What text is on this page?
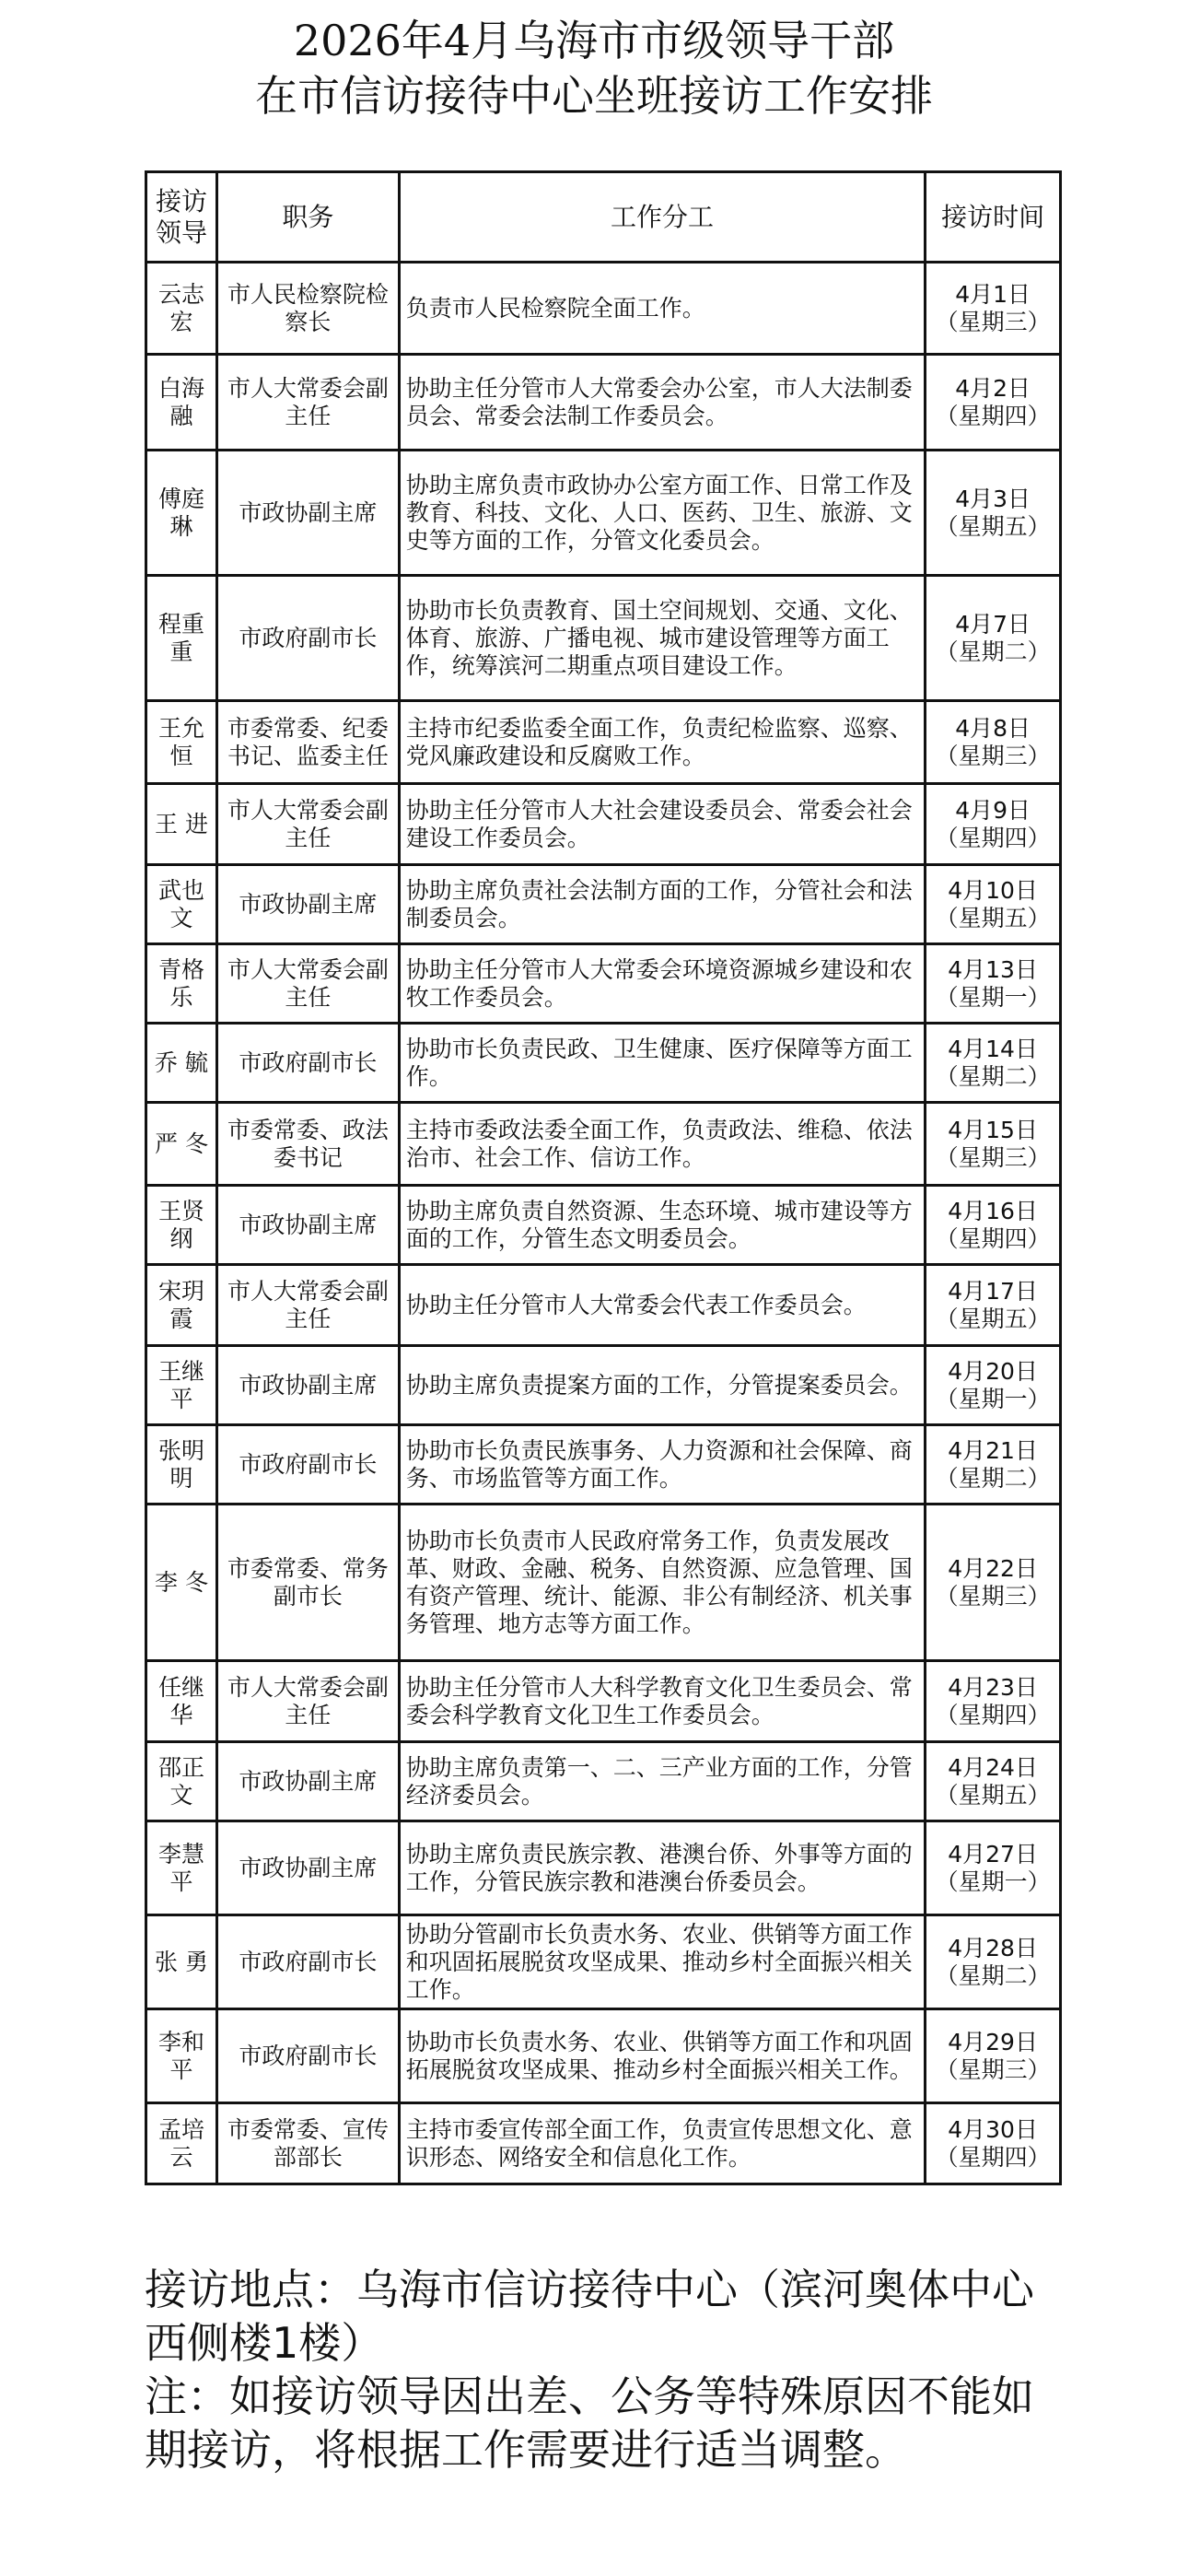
2026年4月乌海市市级领导干部
在市信访接待中心坐班接访工作安排
接访领导	职务	工作分工	接访时间
云志宏	市人民检察院检察长	负责市人民检察院全面工作。	4月1日（星期三）
白海融	市人大常委会副主任	协助主任分管市人大常委会办公室，市人大法制委员会、常委会法制工作委员会。	4月2日（星期四）
傅庭琳	市政协副主席	协助主席负责市政协办公室方面工作、日常工作及教育、科技、文化、人口、医药、卫生、旅游、文史等方面的工作，分管文化委员会。	4月3日（星期五）
程重重	市政府副市长	协助市长负责教育、国土空间规划、交通、文化、体育、旅游、广播电视、城市建设管理等方面工作，统筹滨河二期重点项目建设工作。	4月7日（星期二）
王允恒	市委常委、纪委书记、监委主任	主持市纪委监委全面工作，负责纪检监察、巡察、党风廉政建设和反腐败工作。	4月8日（星期三）
王 进	市人大常委会副主任	协助主任分管市人大社会建设委员会、常委会社会建设工作委员会。	4月9日（星期四）
武也文	市政协副主席	协助主席负责社会法制方面的工作，分管社会和法制委员会。	4月10日（星期五）
青格乐	市人大常委会副主任	协助主任分管市人大常委会环境资源城乡建设和农牧工作委员会。	4月13日（星期一）
乔 毓	市政府副市长	协助市长负责民政、卫生健康、医疗保障等方面工作。	4月14日（星期二）
严 冬	市委常委、政法委书记	主持市委政法委全面工作，负责政法、维稳、依法治市、社会工作、信访工作。	4月15日（星期三）
王贤纲	市政协副主席	协助主席负责自然资源、生态环境、城市建设等方面的工作，分管生态文明委员会。	4月16日（星期四）
宋玥霞	市人大常委会副主任	协助主任分管市人大常委会代表工作委员会。	4月17日（星期五）
王继平	市政协副主席	协助主席负责提案方面的工作，分管提案委员会。	4月20日（星期一）
张明明	市政府副市长	协助市长负责民族事务、人力资源和社会保障、商务、市场监管等方面工作。	4月21日（星期二）
李 冬	市委常委、常务副市长	协助市长负责市人民政府常务工作，负责发展改革、财政、金融、税务、自然资源、应急管理、国有资产管理、统计、能源、非公有制经济、机关事务管理、地方志等方面工作。	4月22日（星期三）
任继华	市人大常委会副主任	协助主任分管市人大科学教育文化卫生委员会、常委会科学教育文化卫生工作委员会。	4月23日（星期四）
邵正文	市政协副主席	协助主席负责第一、二、三产业方面的工作，分管经济委员会。	4月24日（星期五）
李慧平	市政协副主席	协助主席负责民族宗教、港澳台侨、外事等方面的工作，分管民族宗教和港澳台侨委员会。	4月27日（星期一）
张 勇	市政府副市长	协助分管副市长负责水务、农业、供销等方面工作和巩固拓展脱贫攻坚成果、推动乡村全面振兴相关工作。	4月28日（星期二）
李和平	市政府副市长	协助市长负责水务、农业、供销等方面工作和巩固拓展脱贫攻坚成果、推动乡村全面振兴相关工作。	4月29日（星期三）
孟培云	市委常委、宣传部部长	主持市委宣传部全面工作，负责宣传思想文化、意识形态、网络安全和信息化工作。	4月30日（星期四）
接访地点：乌海市信访接待中心（滨河奥体中心西侧楼1楼）
注：如接访领导因出差、公务等特殊原因不能如期接访，将根据工作需要进行适当调整。
